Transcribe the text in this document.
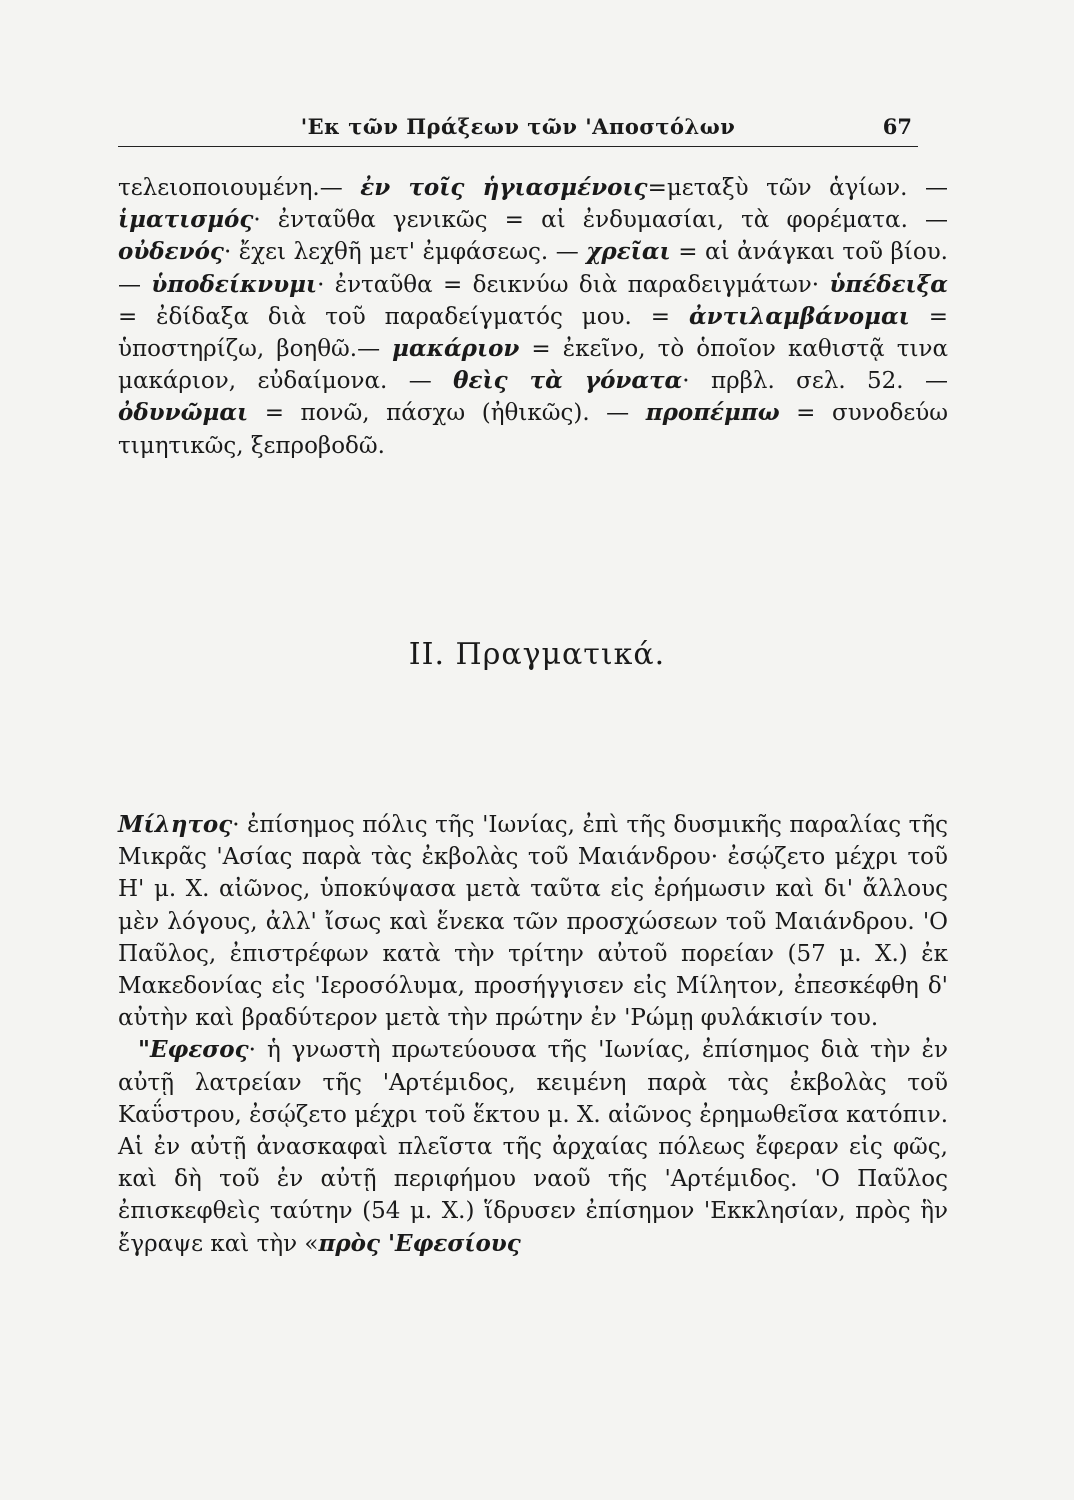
'Εκ τῶν Πράξεων τῶν 'Αποστόλων	67

τελειοποιουμένη.— ἐν τοῖς ἡγιασμένοις=μεταξὺ τῶν ἁγίων. — ἱματισμός· ἐνταῦθα γενικῶς = αἱ ἐνδυμασίαι, τὰ φορέματα. — οὐδενός· ἔχει λεχθῆ μετ' ἐμφάσεως. — χρεῖαι = αἱ ἀνάγκαι τοῦ βίου. — ὑποδείκνυμι· ἐνταῦθα = δεικνύω διὰ παραδειγμάτων· ὑπέδειξα = ἐδίδαξα διὰ τοῦ παραδείγματός μου. = ἀντιλαμβάνομαι = ὑποστηρίζω, βοηθῶ.— μακάριον = ἐκεῖνο, τὸ ὁποῖον καθιστᾷ τινα μακάριον, εὐδαίμονα. — θεὶς τὰ γόνατα· πρβλ. σελ. 52. — ὀδυνῶμαι = πονῶ, πάσχω (ἠθικῶς). — προπέμπω = συνοδεύω τιμητικῶς, ξεπροβοδῶ.

II. Πραγματικά.

Μίλητος· ἐπίσημος πόλις τῆς 'Ιωνίας, ἐπὶ τῆς δυσμικῆς παραλίας τῆς Μικρᾶς 'Ασίας παρὰ τὰς ἐκβολὰς τοῦ Μαιάνδρου· ἐσῴζετο μέχρι τοῦ Η' μ. Χ. αἰῶνος, ὑποκύψασα μετὰ ταῦτα εἰς ἐρήμωσιν καὶ δι' ἄλλους μὲν λόγους, ἀλλ' ἴσως καὶ ἕνεκα τῶν προσχώσεων τοῦ Μαιάνδρου. 'Ο Παῦλος, ἐπιστρέφων κατὰ τὴν τρίτην αὐτοῦ πορείαν (57 μ. Χ.) ἐκ Μακεδονίας εἰς 'Ιεροσόλυμα, προσήγγισεν εἰς Μίλητον, ἐπεσκέφθη δ' αὐτὴν καὶ βραδύτερον μετὰ τὴν πρώτην ἐν 'Ρώμῃ φυλάκισίν του.

"Εφεσος· ἡ γνωστὴ πρωτεύουσα τῆς 'Ιωνίας, ἐπίσημος διὰ τὴν ἐν αὐτῇ λατρείαν τῆς 'Αρτέμιδος, κειμένη παρὰ τὰς ἐκβολὰς τοῦ Καΰστρου, ἐσῴζετο μέχρι τοῦ ἕκτου μ. Χ. αἰῶνος ἐρημωθεῖσα κατόπιν. Αἱ ἐν αὐτῇ ἀνασκαφαὶ πλεῖστα τῆς ἀρχαίας πόλεως ἔφεραν εἰς φῶς, καὶ δὴ τοῦ ἐν αὐτῇ περιφήμου ναοῦ τῆς 'Αρτέμιδος. 'Ο Παῦλος ἐπισκεφθεὶς ταύτην (54 μ. Χ.) ἵδρυσεν ἐπίσημον 'Εκκλησίαν, πρὸς ἣν ἔγραψε καὶ τὴν «πρὸς 'Εφεσίους
